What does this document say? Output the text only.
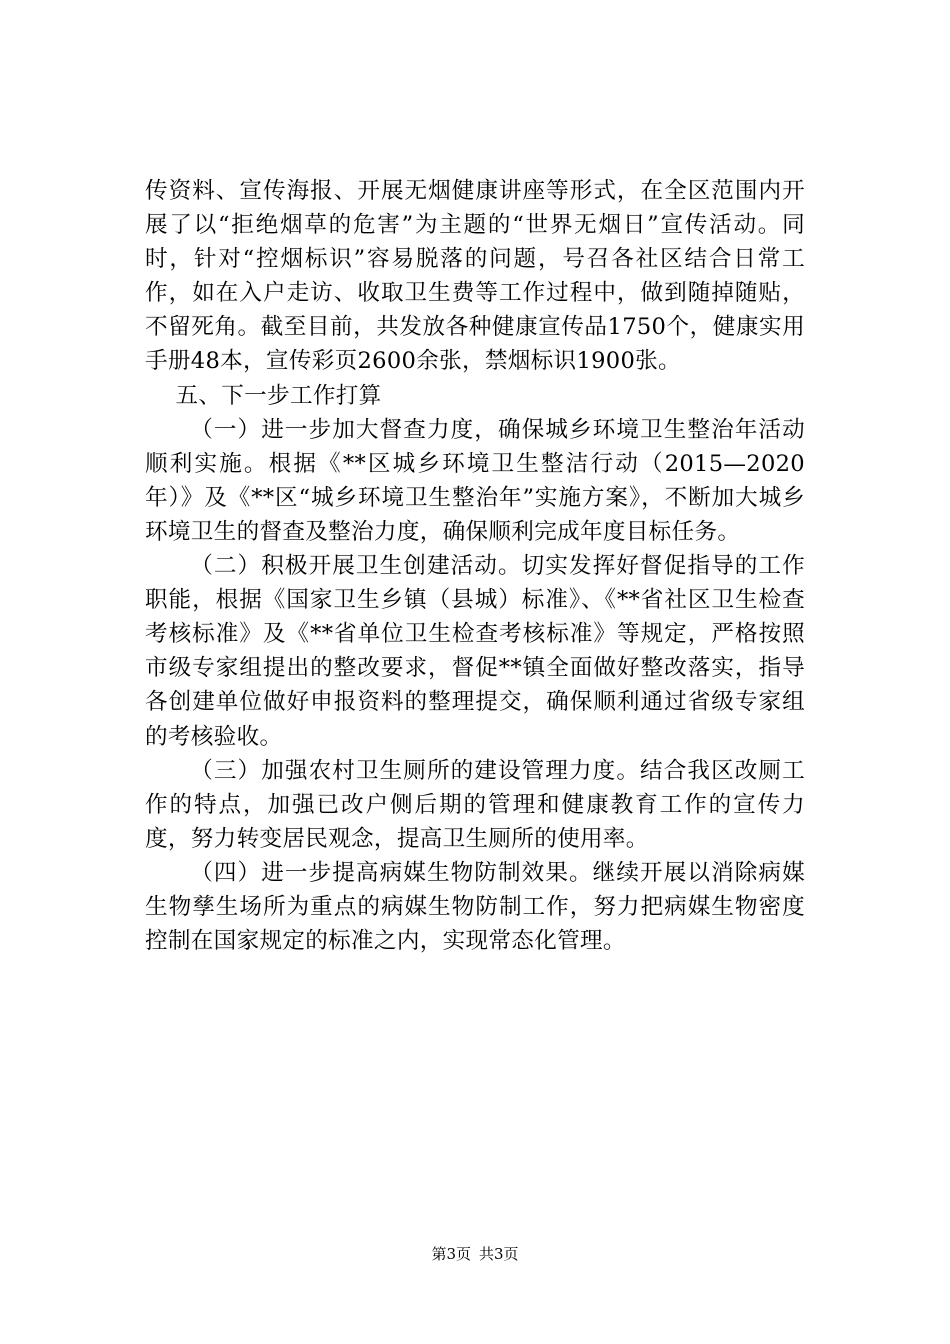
传资料、宣传海报、开展无烟健康讲座等形式，在全区范围内开展了以“拒绝烟草的危害”为主题的“世界无烟日”宣传活动。同时，针对“控烟标识”容易脱落的问题，号召各社区结合日常工作，如在入户走访、收取卫生费等工作过程中，做到随掉随贴，不留死角。截至目前，共发放各种健康宣传品1750个，健康实用手册48本，宣传彩页2600余张，禁烟标识1900张。

五、下一步工作打算

（一）进一步加大督查力度，确保城乡环境卫生整治年活动顺利实施。根据《**区城乡环境卫生整洁行动（2015—2020年）》及《**区“城乡环境卫生整治年”实施方案》，不断加大城乡环境卫生的督查及整治力度，确保顺利完成年度目标任务。

（二）积极开展卫生创建活动。切实发挥好督促指导的工作职能，根据《国家卫生乡镇（县城）标准》、《**省社区卫生检查考核标准》及《**省单位卫生检查考核标准》等规定，严格按照市级专家组提出的整改要求，督促**镇全面做好整改落实，指导各创建单位做好申报资料的整理提交，确保顺利通过省级专家组的考核验收。

（三）加强农村卫生厕所的建设管理力度。结合我区改厕工作的特点，加强已改户侧后期的管理和健康教育工作的宣传力度，努力转变居民观念，提高卫生厕所的使用率。

（四）进一步提高病媒生物防制效果。继续开展以消除病媒生物孳生场所为重点的病媒生物防制工作，努力把病媒生物密度控制在国家规定的标准之内，实现常态化管理。

第3页 共3页
